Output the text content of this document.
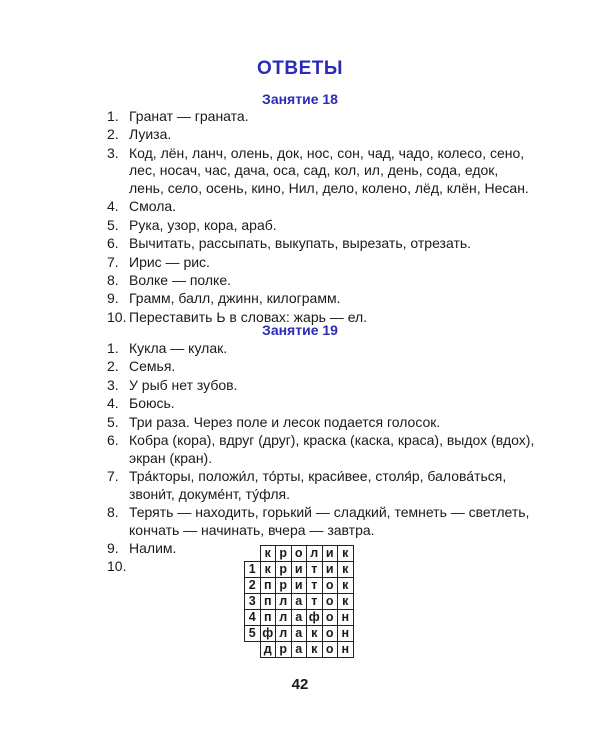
ОТВЕТЫ
Занятие 18
1. Гранат — граната.
2. Луиза.
3. Код, лён, ланч, олень, док, нос, сон, чад, чадо, колесо, сено, лес, носач, час, дача, оса, сад, кол, ил, день, сода, едок, лень, село, осень, кино, Нил, дело, колено, лёд, клён, Несан.
4. Смола.
5. Рука, узор, кора, араб.
6. Вычитать, рассыпать, выкупать, вырезать, отрезать.
7. Ирис — рис.
8. Волке — полке.
9. Грамм, балл, джинн, килограмм.
10. Переставить Ь в словах: жарь — ел.
Занятие 19
1. Кукла — кулак.
2. Семья.
3. У рыб нет зубов.
4. Боюсь.
5. Три раза. Через поле и лесок подается голосок.
6. Кобра (кора), вдруг (друг), краска (каска, краса), выдох (вдох), экран (кран).
7. Тра́кторы, положи́л, то́рты, краси́вее, столя́р, балова́ться, звони́т, докуме́нт, ту́фля.
8. Терять — находить, горький — сладкий, темнеть — светлеть, кончать — начинать, вчера — завтра.
9. Налим.
10.
	к	р	о	л	и	к
1	к	р	и	т	и	к
2	п	р	и	т	о	к
3	п	л	а	т	о	к
4	п	л	а	ф	о	н
5	ф	л	а	к	о	н
	д	р	а	к	о	н
42
